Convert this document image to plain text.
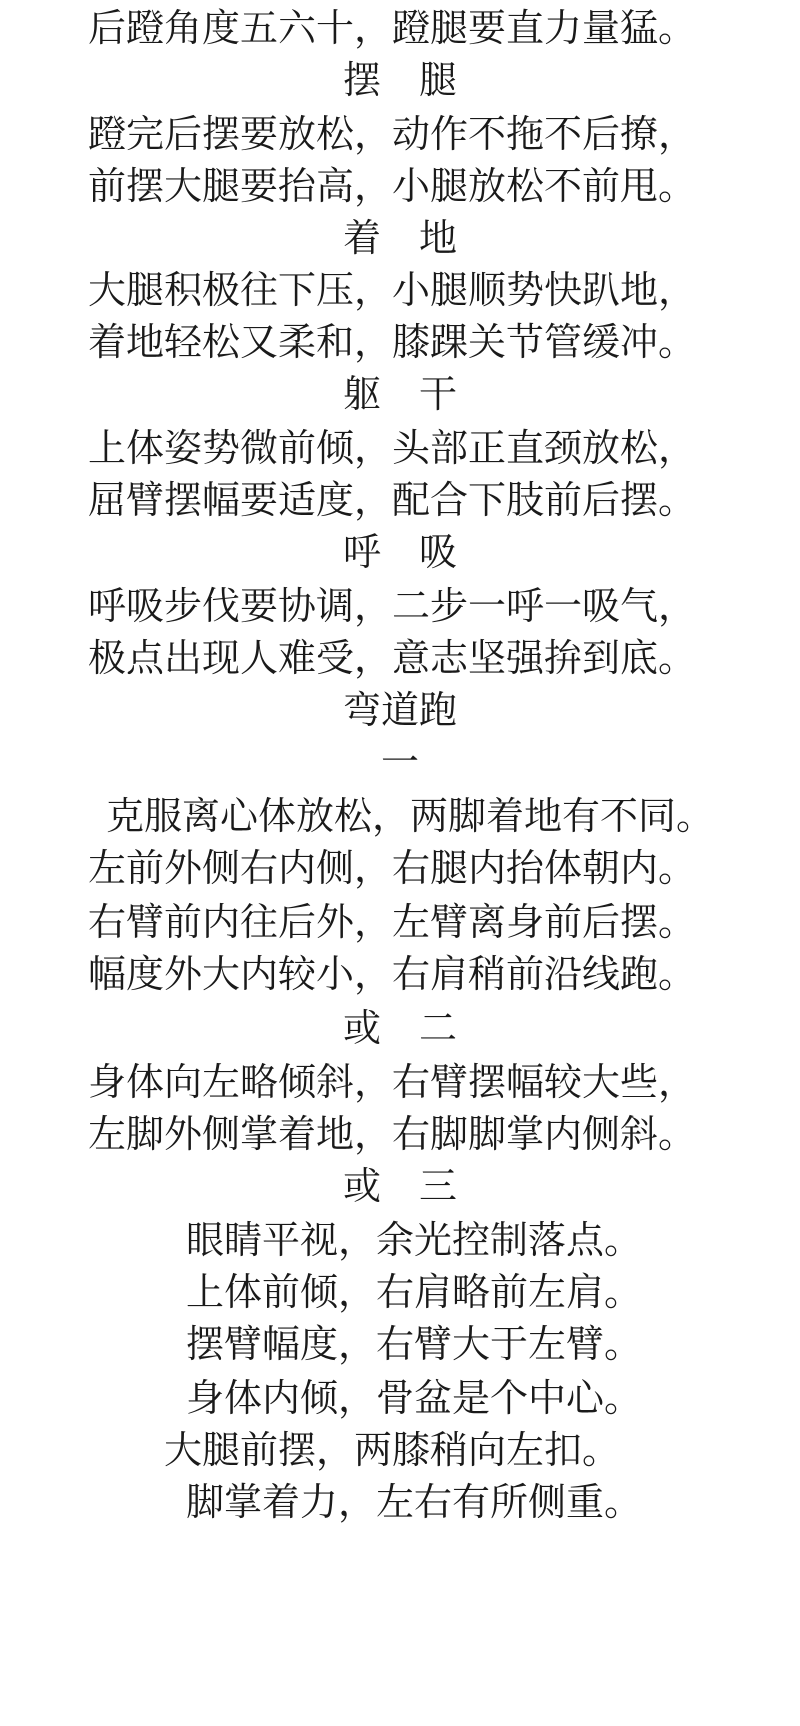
后蹬角度五六十，蹬腿要直力量猛。

摆　腿

蹬完后摆要放松，动作不拖不后撩，

前摆大腿要抬高，小腿放松不前甩。

着　地

大腿积极往下压，小腿顺势快趴地，

着地轻松又柔和，膝踝关节管缓冲。

躯　干

上体姿势微前倾，头部正直颈放松，

屈臂摆幅要适度，配合下肢前后摆。

呼　吸

呼吸步伐要协调，二步一呼一吸气，

极点出现人难受，意志坚强拚到底。

弯道跑

一

克服离心体放松，两脚着地有不同。

左前外侧右内侧，右腿内抬体朝内。

右臂前内往后外，左臂离身前后摆。

幅度外大内较小，右肩稍前沿线跑。

或　二

身体向左略倾斜，右臂摆幅较大些，

左脚外侧掌着地，右脚脚掌内侧斜。

或　三

眼睛平视，余光控制落点。

上体前倾，右肩略前左肩。

摆臂幅度，右臂大于左臂。

身体内倾，骨盆是个中心。

大腿前摆，两膝稍向左扣。

脚掌着力，左右有所侧重。
